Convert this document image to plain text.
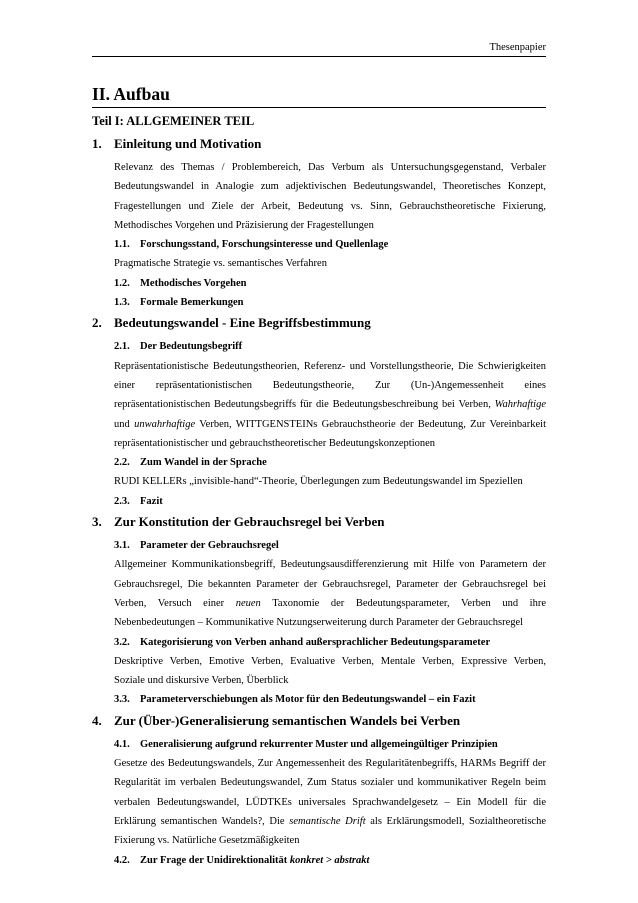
Thesenpapier
II. Aufbau
Teil I: ALLGEMEINER TEIL
1. Einleitung und Motivation

Relevanz des Themas / Problembereich, Das Verbum als Untersuchungsgegenstand, Verbaler
Bedeutungswandel in Analogie zum adjektivischen Bedeutungswandel, Theoretisches Konzept,
Fragestellungen und Ziele der Arbeit, Bedeutung vs. Sinn, Gebrauchstheoretische Fixierung,
Methodisches Vorgehen und Präzisierung der Fragestellungen

1.1. Forschungsstand, Forschungsinteresse und Quellenlage

Pragmatische Strategie vs. semantisches Verfahren

1.2. Methodisches Vorgehen
1.3. Formale Bemerkungen
2. Bedeutungswandel - Eine Begriffsbestimmung
2.1. Der Bedeutungsbegriff

Repräsentationistische Bedeutungstheorien, Referenz- und Vorstellungstheorie, Die Schwierigkeiten
einer repräsentationistischen Bedeutungstheorie, Zur (Un-)Angemessenheit eines
repräsentationistischen Bedeutungsbegriffs für die Bedeutungsbeschreibung bei Verben, Wahrhaftige
und unwahrhaftige Verben, WITTGENSTEINs Gebrauchstheorie der Bedeutung, Zur Vereinbarkeit
repräsentationistischer und gebrauchstheoretischer Bedeutungskonzeptionen

2.2. Zum Wandel in der Sprache

RUDI KELLERs „invisible-hand“-Theorie, Überlegungen zum Bedeutungswandel im Speziellen

2.3. Fazit
3. Zur Konstitution der Gebrauchsregel bei Verben
3.1. Parameter der Gebrauchsregel

Allgemeiner Kommunikationsbegriff, Bedeutungsausdifferenzierung mit Hilfe von Parametern der
Gebrauchsregel, Die bekannten Parameter der Gebrauchsregel, Parameter der Gebrauchsregel bei
Verben, Versuch einer neuen Taxonomie der Bedeutungsparameter, Verben und ihre
Nebenbedeutungen – Kommunikative Nutzungserweiterung durch Parameter der Gebrauchsregel

3.2. Kategorisierung von Verben anhand außersprachlicher Bedeutungsparameter

Deskriptive Verben, Emotive Verben, Evaluative Verben, Mentale Verben, Expressive Verben,
Soziale und diskursive Verben, Überblick

3.3. Parameterverschiebungen als Motor für den Bedeutungswandel – ein Fazit
4. Zur (Über-)Generalisierung semantischen Wandels bei Verben
4.1. Generalisierung aufgrund rekurrenter Muster und allgemeingültiger Prinzipien

Gesetze des Bedeutungswandels, Zur Angemessenheit des Regularitätenbegriffs, HARMs Begriff der
Regularität im verbalen Bedeutungswandel, Zum Status sozialer und kommunikativer Regeln beim
verbalen Bedeutungswandel, LÜDTKEs universales Sprachwandelgesetz – Ein Modell für die
Erklärung semantischen Wandels?, Die semantische Drift als Erklärungsmodell, Sozialtheoretische
Fixierung vs. Natürliche Gesetzmäßigkeiten

4.2. Zur Frage der Unidirektionalität konkret > abstrakt
